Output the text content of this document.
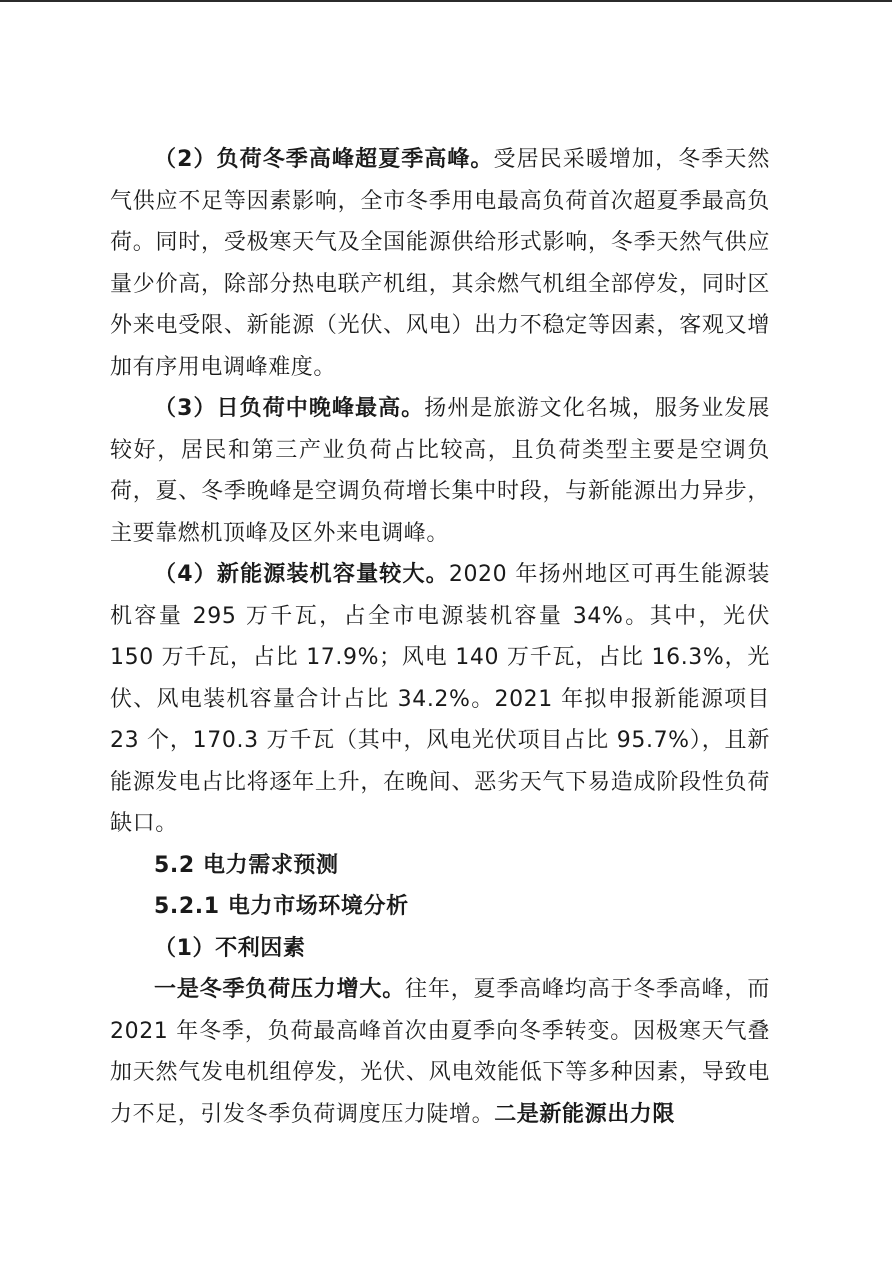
（2）负荷冬季高峰超夏季高峰。受居民采暖增加，冬季天然气供应不足等因素影响，全市冬季用电最高负荷首次超夏季最高负荷。同时，受极寒天气及全国能源供给形式影响，冬季天然气供应量少价高，除部分热电联产机组，其余燃气机组全部停发，同时区外来电受限、新能源（光伏、风电）出力不稳定等因素，客观又增加有序用电调峰难度。

（3）日负荷中晚峰最高。扬州是旅游文化名城，服务业发展较好，居民和第三产业负荷占比较高，且负荷类型主要是空调负荷，夏、冬季晚峰是空调负荷增长集中时段，与新能源出力异步，主要靠燃机顶峰及区外来电调峰。

（4）新能源装机容量较大。2020 年扬州地区可再生能源装机容量 295 万千瓦，占全市电源装机容量 34%。其中，光伏 150 万千瓦，占比 17.9%；风电 140 万千瓦，占比 16.3%，光伏、风电装机容量合计占比 34.2%。2021 年拟申报新能源项目 23 个，170.3 万千瓦（其中，风电光伏项目占比 95.7%），且新能源发电占比将逐年上升，在晚间、恶劣天气下易造成阶段性负荷缺口。

5.2 电力需求预测

5.2.1 电力市场环境分析

（1）不利因素

一是冬季负荷压力增大。往年，夏季高峰均高于冬季高峰，而 2021 年冬季，负荷最高峰首次由夏季向冬季转变。因极寒天气叠加天然气发电机组停发，光伏、风电效能低下等多种因素，导致电力不足，引发冬季负荷调度压力陡增。二是新能源出力限
